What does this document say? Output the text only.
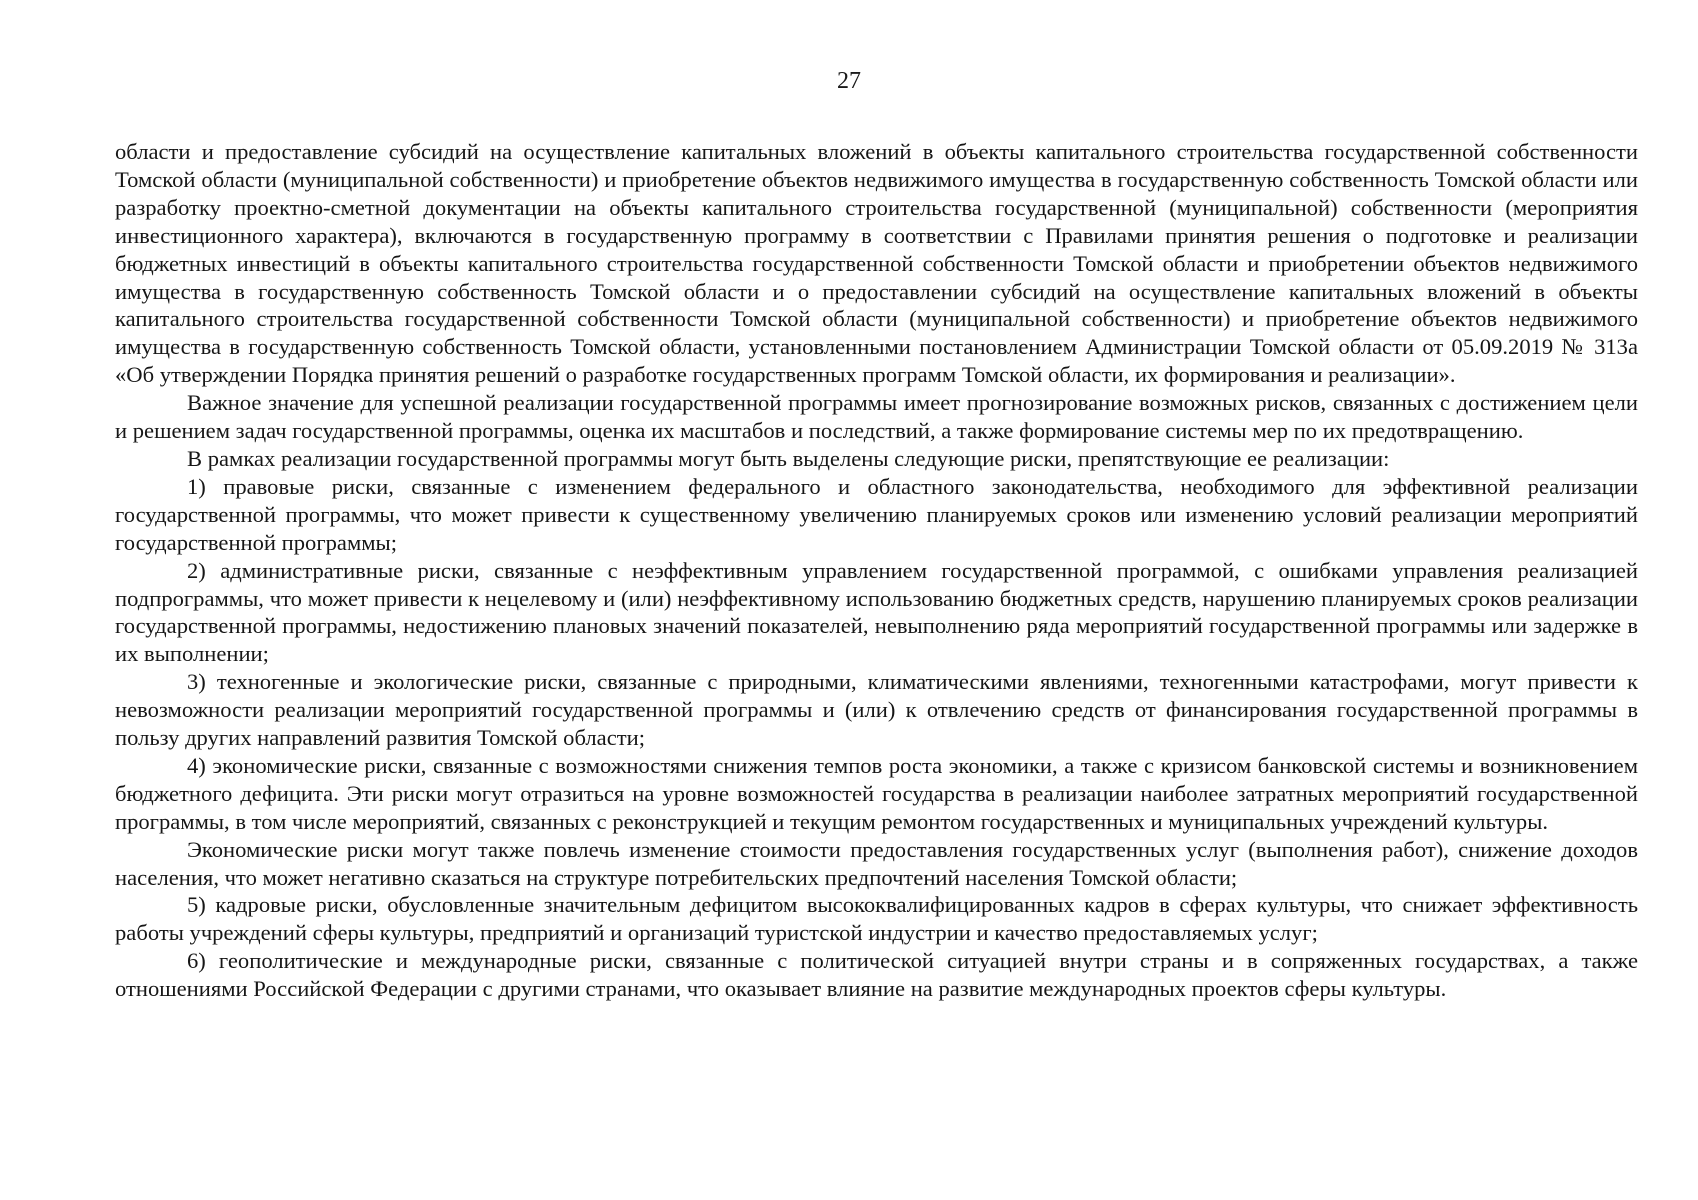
27

области и предоставление субсидий на осуществление капитальных вложений в объекты капитального строительства государственной собственности Томской области (муниципальной собственности) и приобретение объектов недвижимого имущества в государственную собственность Томской области или разработку проектно-сметной документации на объекты капитального строительства государственной (муниципальной) собственности (мероприятия инвестиционного характера), включаются в государственную программу в соответствии с Правилами принятия решения о подготовке и реализации бюджетных инвестиций в объекты капитального строительства государственной собственности Томской области и приобретении объектов недвижимого имущества в государственную собственность Томской области и о предоставлении субсидий на осуществление капитальных вложений в объекты капитального строительства государственной собственности Томской области (муниципальной собственности) и приобретение объектов недвижимого имущества в государственную собственность Томской области, установленными постановлением Администрации Томской области от 05.09.2019 № 313а «Об утверждении Порядка принятия решений о разработке государственных программ Томской области, их формирования и реализации».

Важное значение для успешной реализации государственной программы имеет прогнозирование возможных рисков, связанных с достижением цели и решением задач государственной программы, оценка их масштабов и последствий, а также формирование системы мер по их предотвращению.

В рамках реализации государственной программы могут быть выделены следующие риски, препятствующие ее реализации:

1) правовые риски, связанные с изменением федерального и областного законодательства, необходимого для эффективной реализации государственной программы, что может привести к существенному увеличению планируемых сроков или изменению условий реализации мероприятий государственной программы;

2) административные риски, связанные с неэффективным управлением государственной программой, с ошибками управления реализацией подпрограммы, что может привести к нецелевому и (или) неэффективному использованию бюджетных средств, нарушению планируемых сроков реализации государственной программы, недостижению плановых значений показателей, невыполнению ряда мероприятий государственной программы или задержке в их выполнении;

3) техногенные и экологические риски, связанные с природными, климатическими явлениями, техногенными катастрофами, могут привести к невозможности реализации мероприятий государственной программы и (или) к отвлечению средств от финансирования государственной программы в пользу других направлений развития Томской области;

4) экономические риски, связанные с возможностями снижения темпов роста экономики, а также с кризисом банковской системы и возникновением бюджетного дефицита. Эти риски могут отразиться на уровне возможностей государства в реализации наиболее затратных мероприятий государственной программы, в том числе мероприятий, связанных с реконструкцией и текущим ремонтом государственных и муниципальных учреждений культуры.

Экономические риски могут также повлечь изменение стоимости предоставления государственных услуг (выполнения работ), снижение доходов населения, что может негативно сказаться на структуре потребительских предпочтений населения Томской области;

5) кадровые риски, обусловленные значительным дефицитом высококвалифицированных кадров в сферах культуры, что снижает эффективность работы учреждений сферы культуры, предприятий и организаций туристской индустрии и качество предоставляемых услуг;

6) геополитические и международные риски, связанные с политической ситуацией внутри страны и в сопряженных государствах, а также отношениями Российской Федерации с другими странами, что оказывает влияние на развитие международных проектов сферы культуры.
